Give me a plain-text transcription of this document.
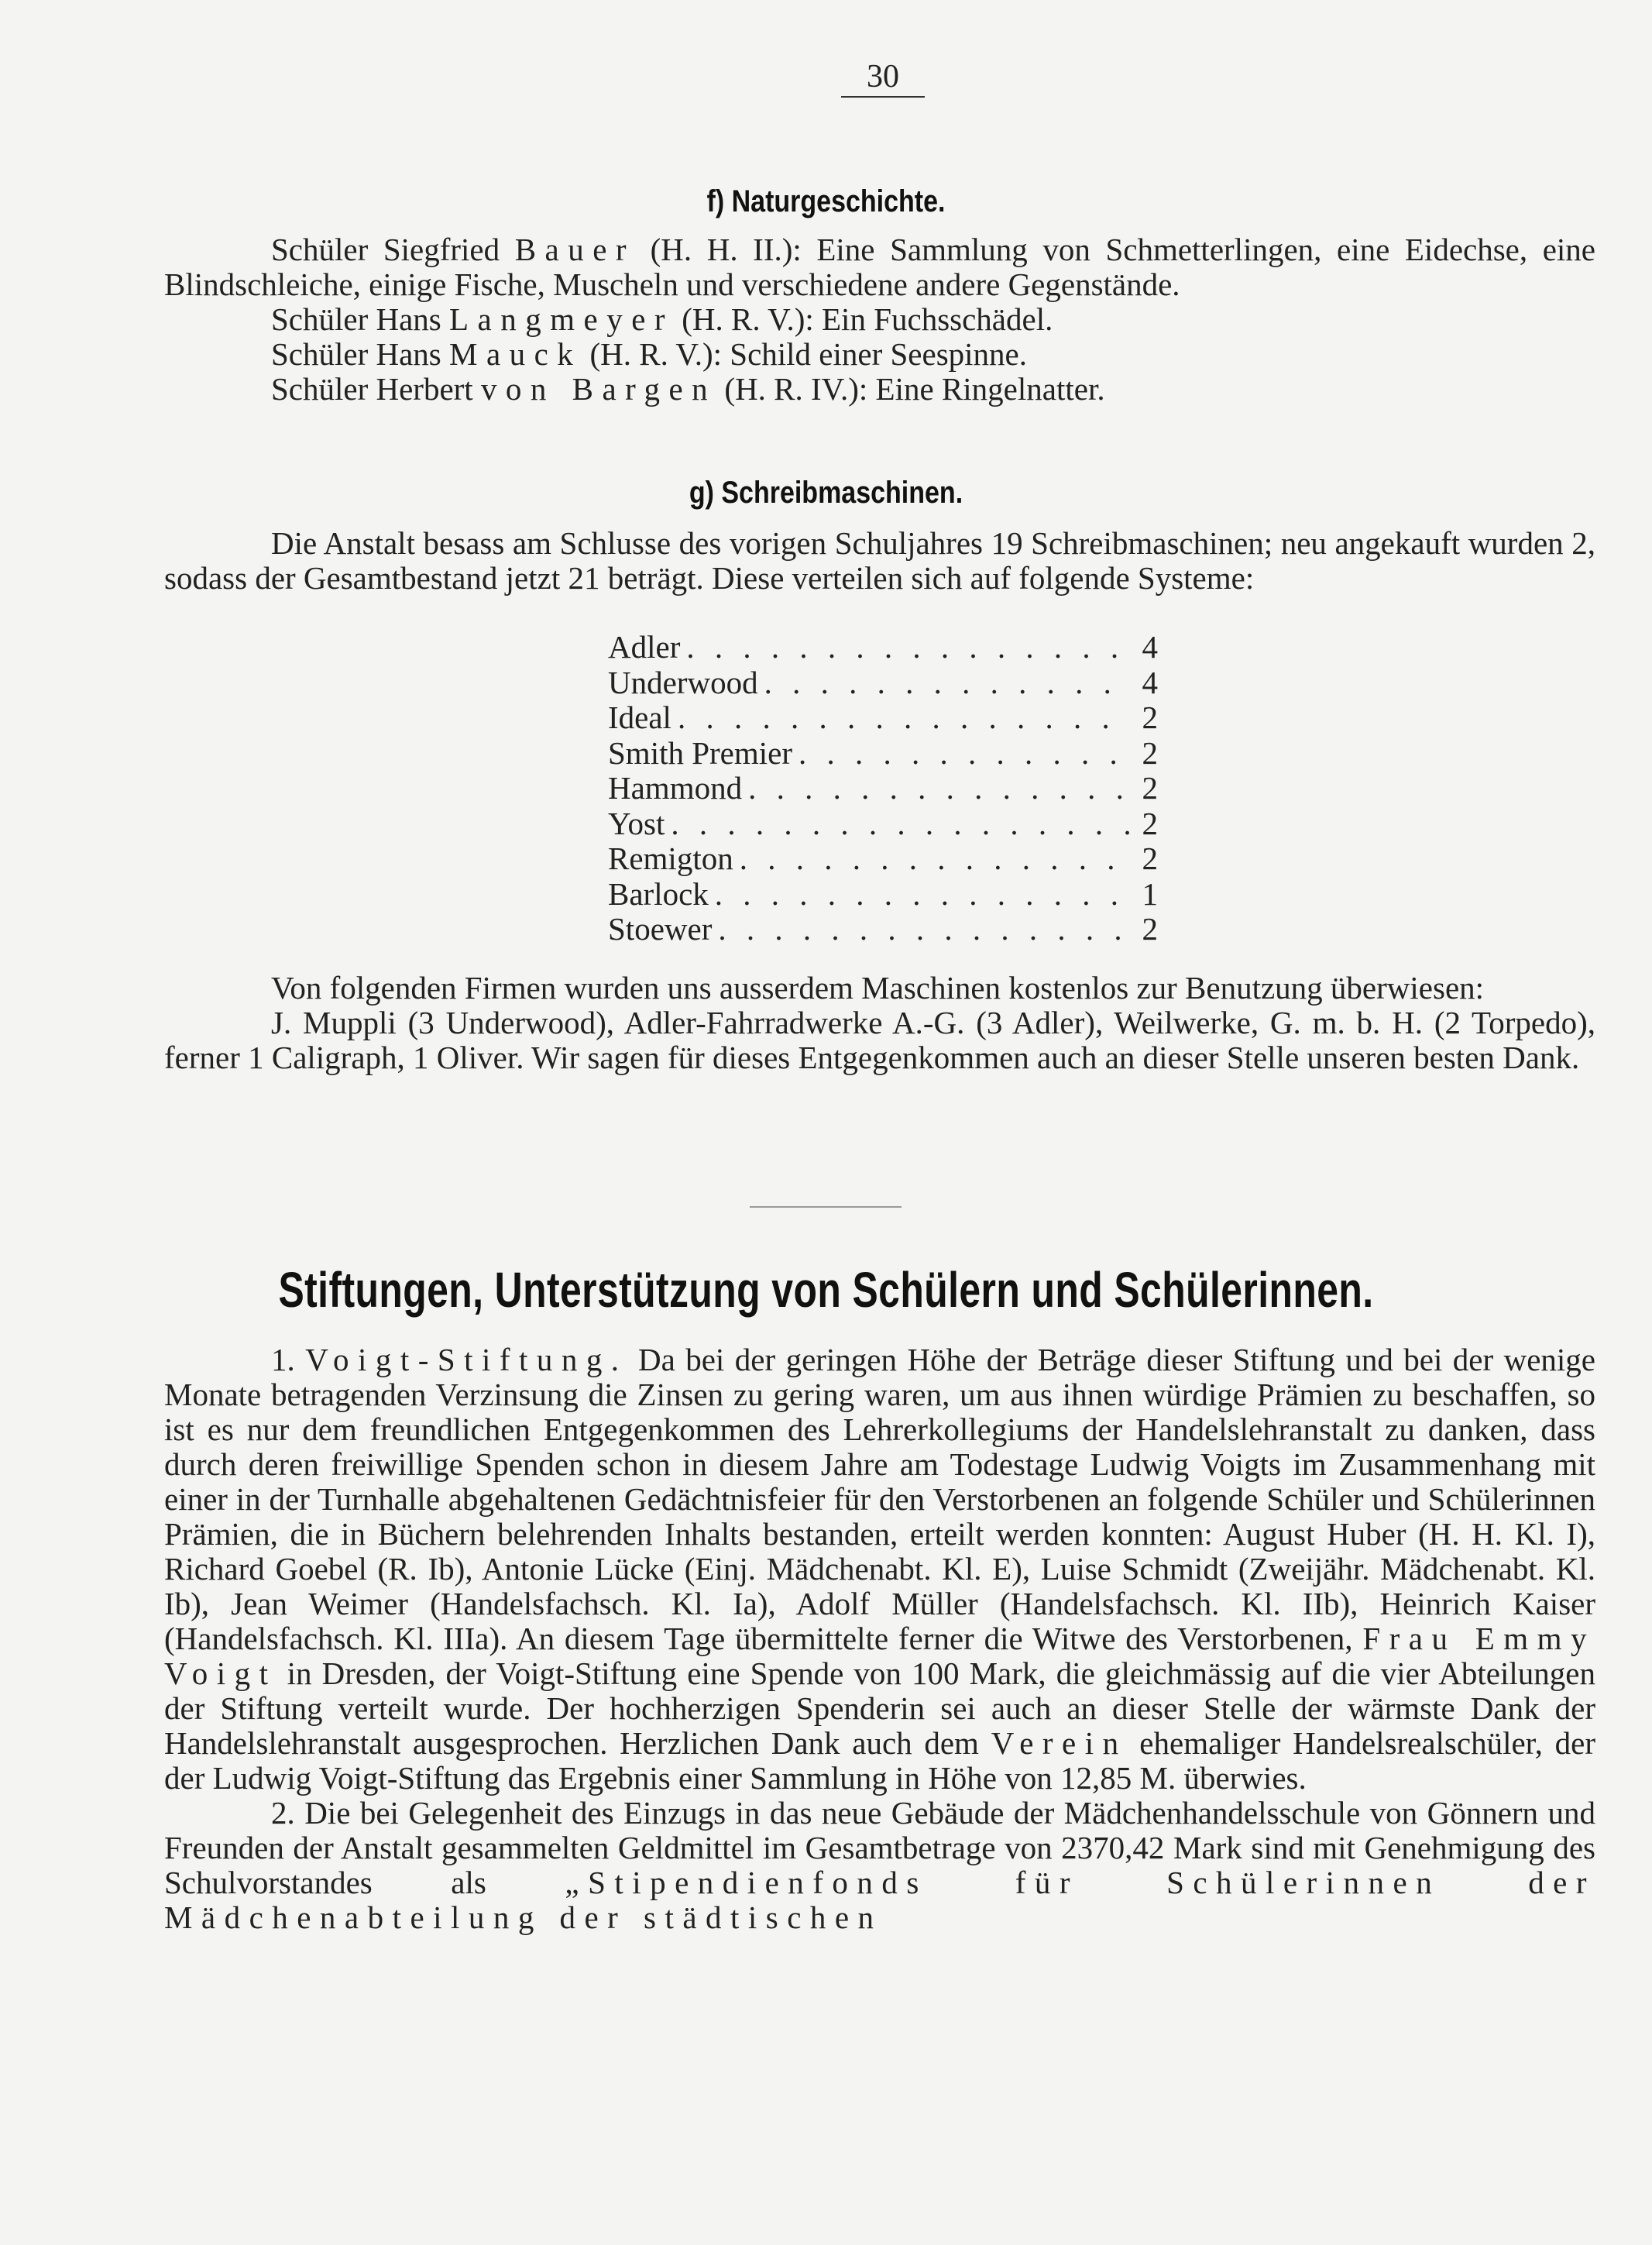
30
f) Naturgeschichte.

Schüler Siegfried Bauer (H. H. II.): Eine Sammlung von Schmetterlingen, eine Eidechse, eine Blindschleiche, einige Fische, Muscheln und verschiedene andere Gegenstände.

Schüler Hans Langmeyer (H. R. V.): Ein Fuchsschädel.

Schüler Hans Mauck (H. R. V.): Schild einer Seespinne.

Schüler Herbert von Bargen (H. R. IV.): Eine Ringelnatter.

g) Schreibmaschinen.

Die Anstalt besass am Schlusse des vorigen Schuljahres 19 Schreibmaschinen; neu angekauft wurden 2, sodass der Gesamtbestand jetzt 21 beträgt. Diese verteilen sich auf folgende Systeme:

Adler . . .	4
Underwood . . .	4
Ideal . . .	2
Smith Premier . . .	2
Hammond . . .	2
Yost . . .	2
Remigton . . .	2
Barlock . . .	1
Stoewer . . .	2

Von folgenden Firmen wurden uns ausserdem Maschinen kostenlos zur Benutzung überwiesen:

J. Muppli (3 Underwood), Adler-Fahrradwerke A.-G. (3 Adler), Weilwerke, G. m. b. H. (2 Torpedo), ferner 1 Caligraph, 1 Oliver. Wir sagen für dieses Entgegenkommen auch an dieser Stelle unseren besten Dank.

Stiftungen, Unterstützung von Schülern und Schülerinnen.

1. Voigt-Stiftung. Da bei der geringen Höhe der Beträge dieser Stiftung und bei der wenige Monate betragenden Verzinsung die Zinsen zu gering waren, um aus ihnen würdige Prämien zu beschaffen, so ist es nur dem freundlichen Entgegenkommen des Lehrerkollegiums der Handelslehranstalt zu danken, dass durch deren freiwillige Spenden schon in diesem Jahre am Todestage Ludwig Voigts im Zusammenhang mit einer in der Turnhalle abgehaltenen Gedächtnisfeier für den Verstorbenen an folgende Schüler und Schülerinnen Prämien, die in Büchern belehrenden Inhalts bestanden, erteilt werden konnten: August Huber (H. H. Kl. I), Richard Goebel (R. Ib), Antonie Lücke (Einj. Mädchenabt. Kl. E), Luise Schmidt (Zweijähr. Mädchenabt. Kl. Ib), Jean Weimer (Handelsfachsch. Kl. Ia), Adolf Müller (Handelsfachsch. Kl. IIb), Heinrich Kaiser (Handelsfachsch. Kl. IIIa). An diesem Tage übermittelte ferner die Witwe des Verstorbenen, Frau Emmy Voigt in Dresden, der Voigt-Stiftung eine Spende von 100 Mark, die gleichmässig auf die vier Abteilungen der Stiftung verteilt wurde. Der hochherzigen Spenderin sei auch an dieser Stelle der wärmste Dank der Handelslehranstalt ausgesprochen. Herzlichen Dank auch dem Verein ehemaliger Handelsrealschüler, der der Ludwig Voigt-Stiftung das Ergebnis einer Sammlung in Höhe von 12,85 M. überwies.

2. Die bei Gelegenheit des Einzugs in das neue Gebäude der Mädchenhandelsschule von Gönnern und Freunden der Anstalt gesammelten Geldmittel im Gesamtbetrage von 2370,42 Mark sind mit Genehmigung des Schulvorstandes als „Stipendienfonds für Schülerinnen der Mädchenabteilung der städtischen
